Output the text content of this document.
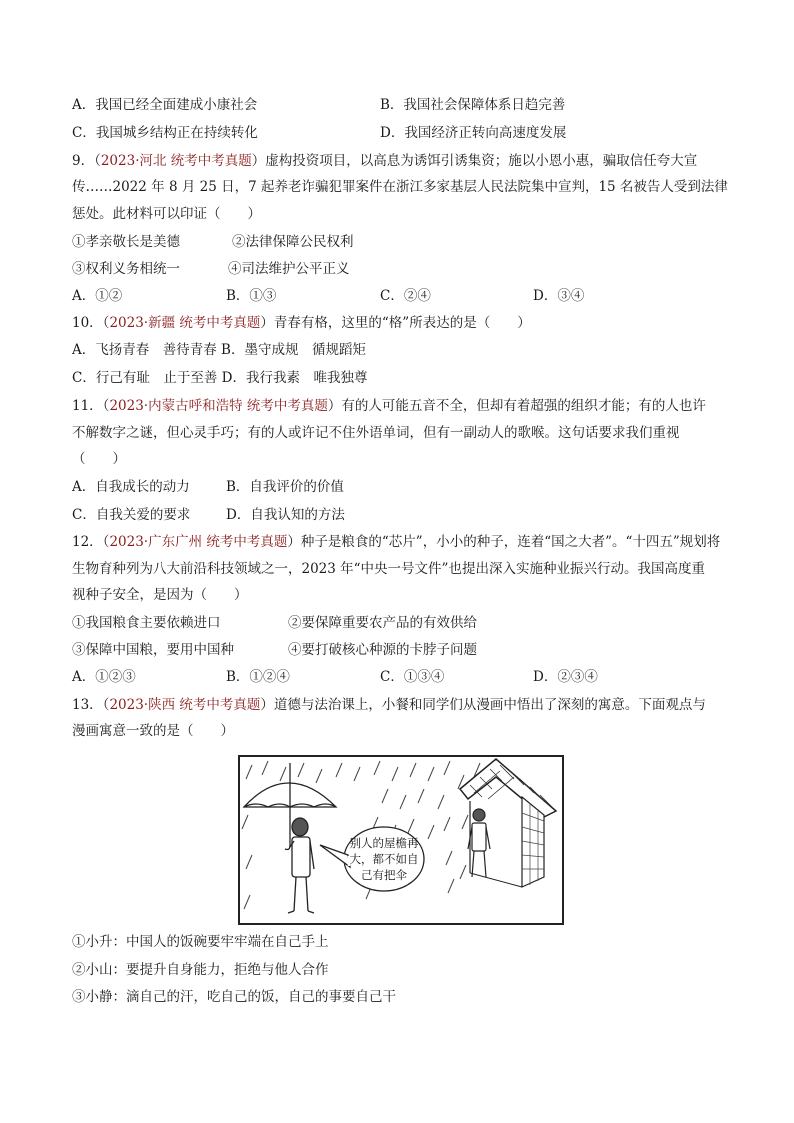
A．我国已经全面建成小康社会	B．我国社会保障体系日趋完善
C．我国城乡结构正在持续转化	D．我国经济正转向高速度发展
9．（2023·河北 统考中考真题）虚构投资项目，以高息为诱饵引诱集资；施以小恩小惠，骗取信任夸大宣
传……2022 年 8 月 25 日，7 起养老诈骗犯罪案件在浙江多家基层人民法院集中宣判，15 名被告人受到法律
惩处。此材料可以印证（　　）
①孝亲敬长是美德	②法律保障公民权利
③权利义务相统一	④司法维护公平正义
A．①②	B．①③	C．②④	D．③④
10．（2023·新疆 统考中考真题）青春有格，这里的“格”所表达的是（　　）
A．飞扬青春　善待青春 B．墨守成规　循规蹈矩
C．行己有耻　止于至善 D．我行我素　唯我独尊
11．（2023·内蒙古呼和浩特 统考中考真题）有的人可能五音不全，但却有着超强的组织才能；有的人也许
不解数字之谜，但心灵手巧；有的人或许记不住外语单词，但有一副动人的歌喉。这句话要求我们重视
（　　）
A．自我成长的动力	B．自我评价的价值
C．自我关爱的要求	D．自我认知的方法
12．（2023·广东广州 统考中考真题）种子是粮食的“芯片”，小小的种子，连着“国之大者”。“十四五”规划将
生物育种列为八大前沿科技领域之一，2023 年“中央一号文件”也提出深入实施种业振兴行动。我国高度重
视种子安全，是因为（　　）
①我国粮食主要依赖进口	②要保障重要农产品的有效供给
③保障中国粮，要用中国种	④要打破核心种源的卡脖子问题
A．①②③	B．①②④	C．①③④	D．②③④
13．（2023·陕西 统考中考真题）道德与法治课上，小餐和同学们从漫画中悟出了深刻的寓意。下面观点与
漫画寓意一致的是（　　）
别人的屋檐再
大，都不如自
己有把伞
①小升：中国人的饭碗要牢牢端在自己手上
②小山：要提升自身能力，拒绝与他人合作
③小静：滴自己的汗，吃自己的饭，自己的事要自己干
